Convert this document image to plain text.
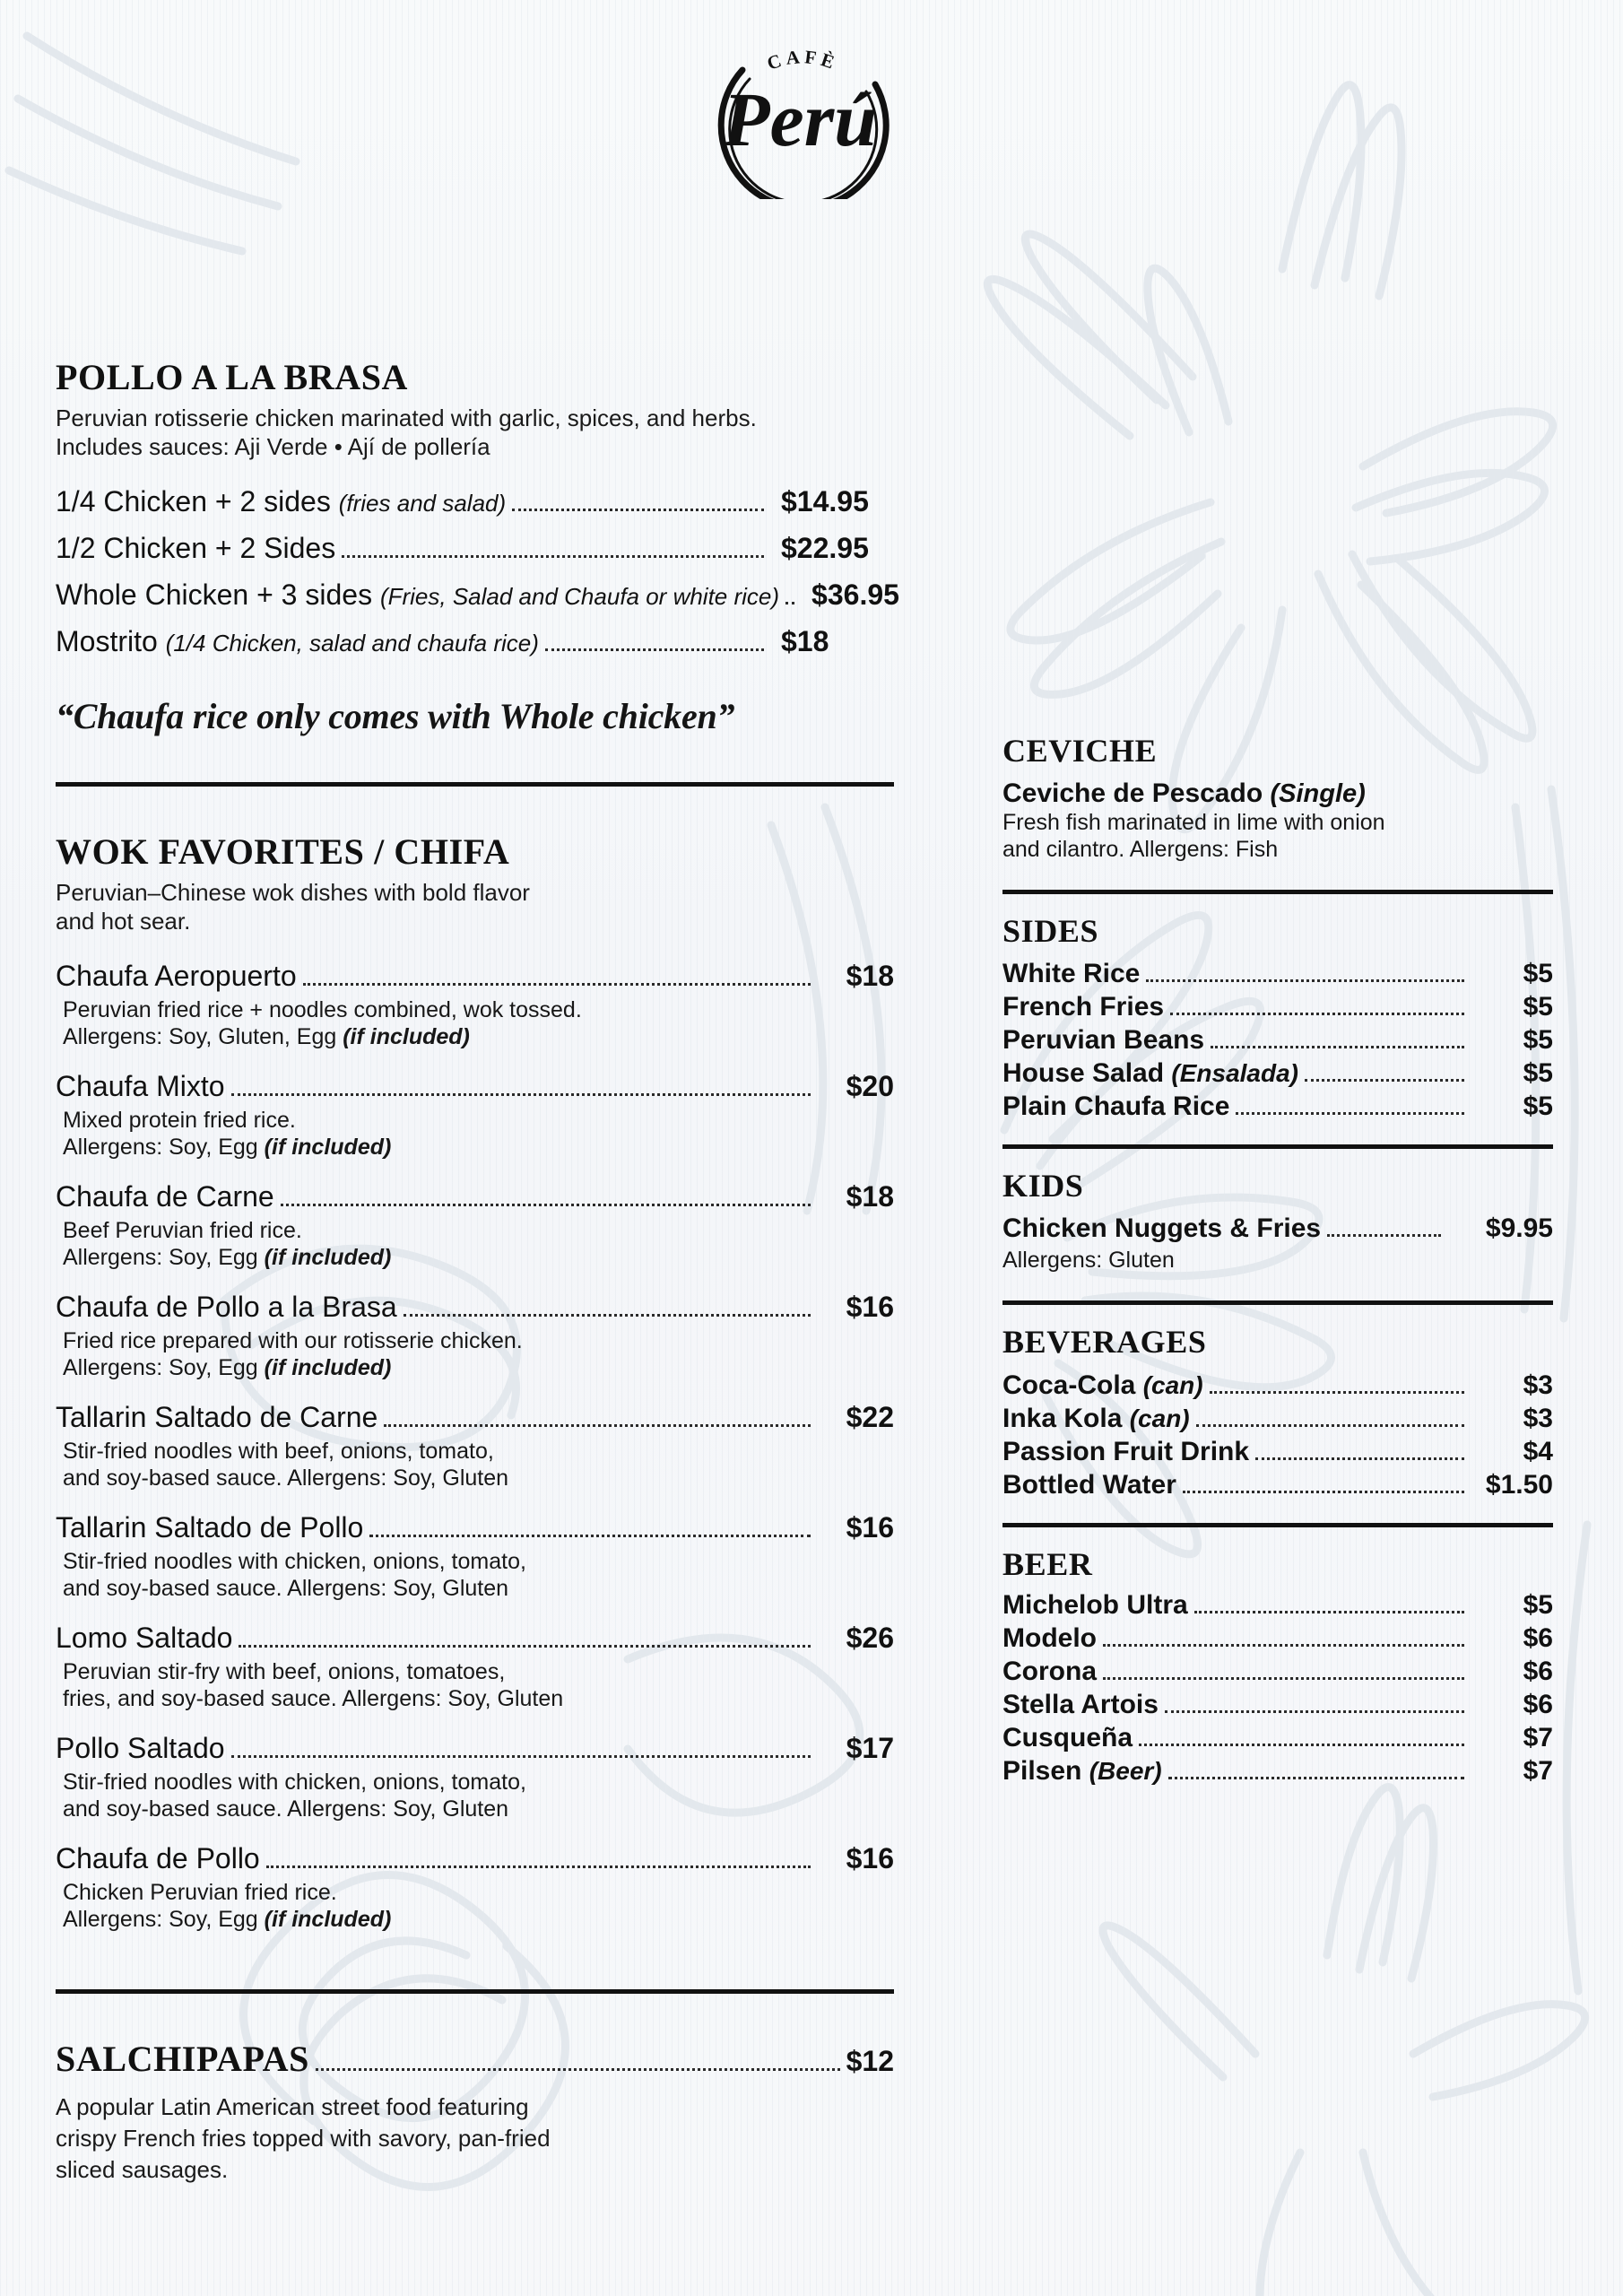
CAFÈ
Perú
POLLO A LA BRASA
Peruvian rotisserie chicken marinated with garlic, spices, and herbs.
Includes sauces: Aji Verde • Ají de pollería
1/4 Chicken + 2 sides (fries and salad)	$14.95
1/2 Chicken + 2 Sides	$22.95
Whole Chicken + 3 sides (Fries, Salad and Chaufa or white rice)	$36.95
Mostrito (1/4 Chicken, salad and chaufa rice)	$18
“Chaufa rice only comes with Whole chicken”
WOK FAVORITES / CHIFA
Peruvian–Chinese wok dishes with bold flavor
and hot sear.
Chaufa Aeropuerto	$18
Peruvian fried rice + noodles combined, wok tossed.
Allergens: Soy, Gluten, Egg (if included)
Chaufa Mixto	$20
Mixed protein fried rice.
Allergens: Soy, Egg (if included)
Chaufa de Carne	$18
Beef Peruvian fried rice.
Allergens: Soy, Egg (if included)
Chaufa de Pollo a la Brasa	$16
Fried rice prepared with our rotisserie chicken.
Allergens: Soy, Egg (if included)
Tallarin Saltado de Carne	$22
Stir-fried noodles with beef, onions, tomato,
and soy-based sauce. Allergens: Soy, Gluten
Tallarin Saltado de Pollo	$16
Stir-fried noodles with chicken, onions, tomato,
and soy-based sauce. Allergens: Soy, Gluten
Lomo Saltado	$26
Peruvian stir-fry with beef, onions, tomatoes,
fries, and soy-based sauce. Allergens: Soy, Gluten
Pollo Saltado	$17
Stir-fried noodles with chicken, onions, tomato,
and soy-based sauce. Allergens: Soy, Gluten
Chaufa de Pollo	$16
Chicken Peruvian fried rice.
Allergens: Soy, Egg (if included)
SALCHIPAPAS	$12
A popular Latin American street food featuring
crispy French fries topped with savory, pan-fried
sliced sausages.
CEVICHE
Ceviche de Pescado (Single)
Fresh fish marinated in lime with onion
and cilantro. Allergens: Fish
SIDES
White Rice	$5
French Fries	$5
Peruvian Beans	$5
House Salad (Ensalada)	$5
Plain Chaufa Rice	$5
KIDS
Chicken Nuggets & Fries	$9.95
Allergens: Gluten
BEVERAGES
Coca-Cola (can)	$3
Inka Kola (can)	$3
Passion Fruit Drink	$4
Bottled Water	$1.50
BEER
Michelob Ultra	$5
Modelo	$6
Corona	$6
Stella Artois	$6
Cusqueña	$7
Pilsen (Beer)	$7
